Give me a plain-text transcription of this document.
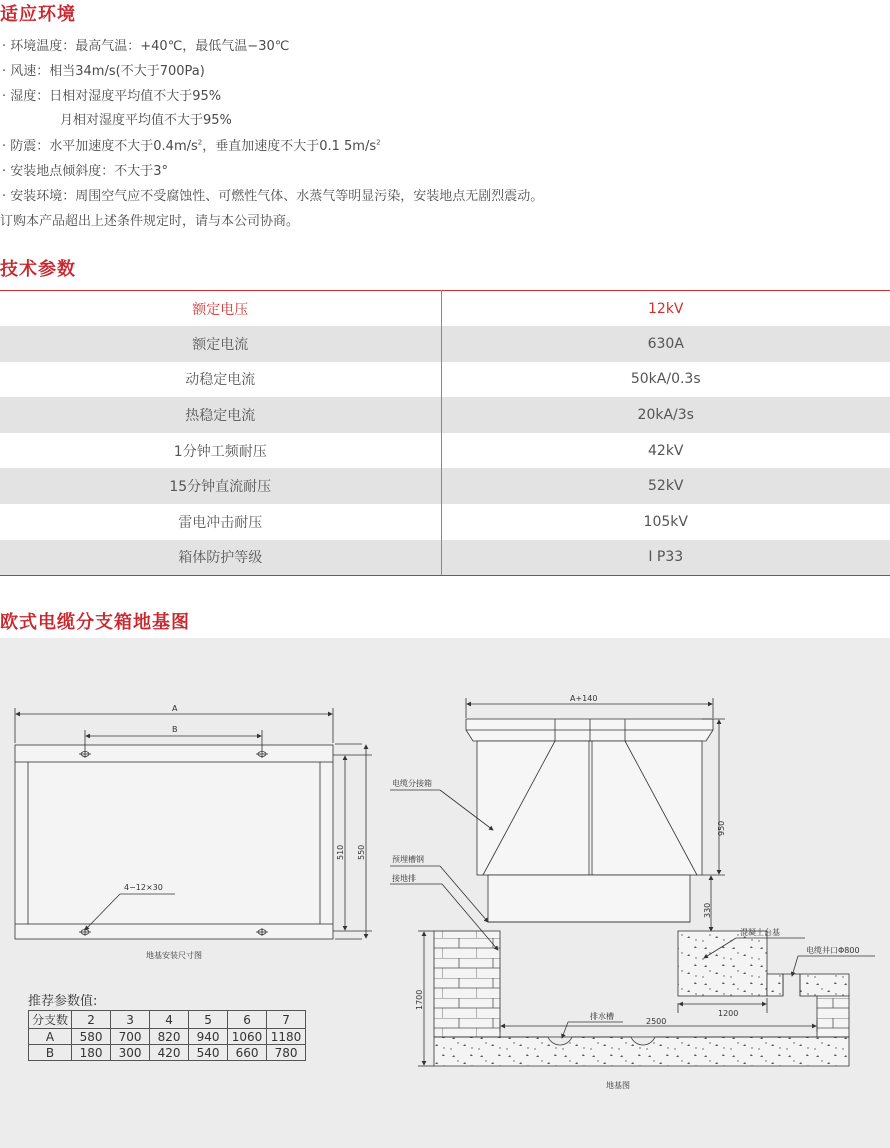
适应环境
技术参数
欧式电缆分支箱地基图
· 环境温度：最高气温：+40℃，最低气温−30℃
· 风速：相当34m/s(不大于700Pa)
· 湿度：日相对湿度平均值不大于95%
月相对湿度平均值不大于95%
· 防震：水平加速度不大于$0.4m/s^2$，垂直加速度不大于0.1 $5m/s^2$
· 安装地点倾斜度：不大于3°
· 安装环境：周围空气应不受腐蚀性、可燃性气体、水蒸气等明显污染，安装地点无剧烈震动。
订购本产品超出上述条件规定时，请与本公司协商。
额定电压	12kV
额定电流	630A
动稳定电流	50kA/0.3s
热稳定电流	20kA/3s
1分钟工频耐压	42kV
15分钟直流耐压	52kV
雷电冲击耐压	105kV
箱体防护等级	I P33
A
B
510 550
4−12×30
地基安装尺寸图
A+140
950
330
1700
1200
2500
电缆分接箱
预埋槽钢
接地排
混凝土台基
电缆井口Φ800
排水槽
地基图
推荐参数值:
分支数	2	3	4	5	6	7
A	580	700	820	940	1060	1180
B	180	300	420	540	660	780
